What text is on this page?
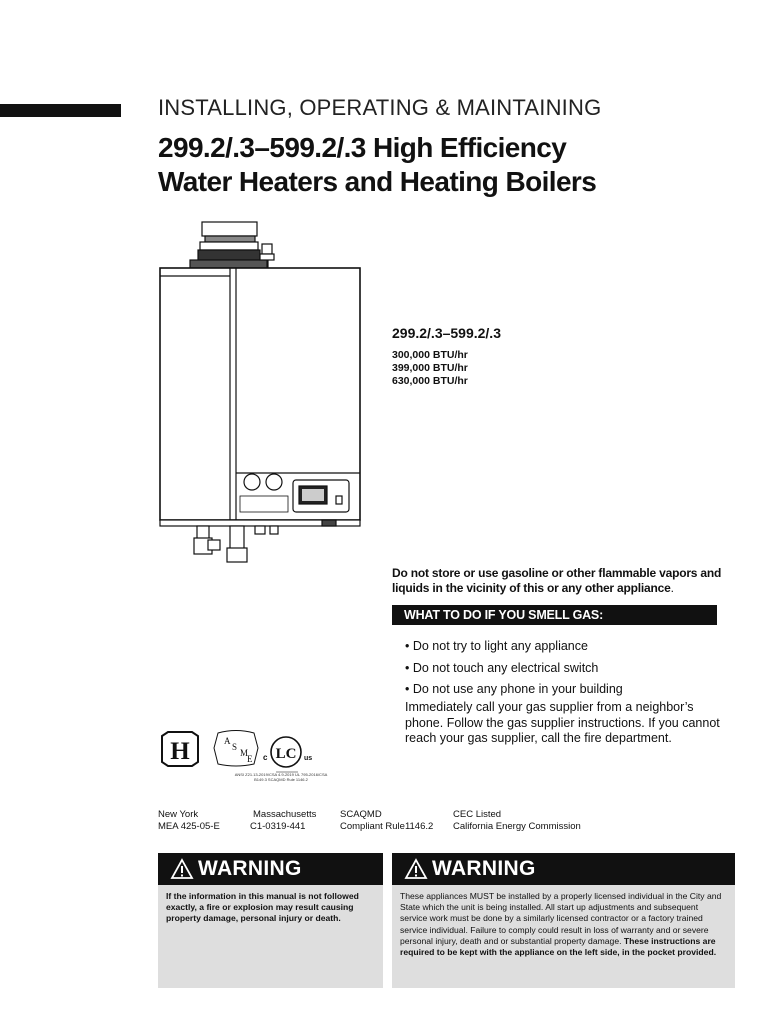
INSTALLING, OPERATING & MAINTAINING
299.2/.3–599.2/.3 High Efficiency
Water Heaters and Heating Boilers
299.2/.3–599.2/.3
300,000 BTU/hr
399,000 BTU/hr
630,000 BTU/hr
Do not store or use gasoline or other flammable vapors and liquids in the vicinity of this or any other appliance.
WHAT TO DO IF YOU SMELL GAS:
• Do not try to light any appliance
• Do not touch any electrical switch
• Do not use any phone in your building
Immediately call your gas supplier from a neighbor’s phone. Follow the gas supplier instructions. If you cannot reach your gas supplier, call the fire department.
H	A
S
M
E c LC us
ANSI Z21.13-2019/CSA 4.9-2019 UL 795-2016/CSA B149.3 SCAQMD Rule 1146.2
New York
MEA 425-05-E
Massachusetts
C1-0319-441
SCAQMD
Compliant Rule1146.2
CEC Listed
California Energy Commission
WARNING
If the information in this manual is not followed exactly, a fire or explosion may result causing property damage, personal injury or death.
WARNING
These appliances MUST be installed by a properly licensed individual in the City and State which the unit is being installed. All start up adjustments and subsequent service work must be done by a similarly licensed contractor or a factory trained service individual. Failure to comply could result in loss of warranty and or severe personal injury, death and or substantial property damage. These instructions are required to be kept with the appliance on the left side, in the pocket provided.
